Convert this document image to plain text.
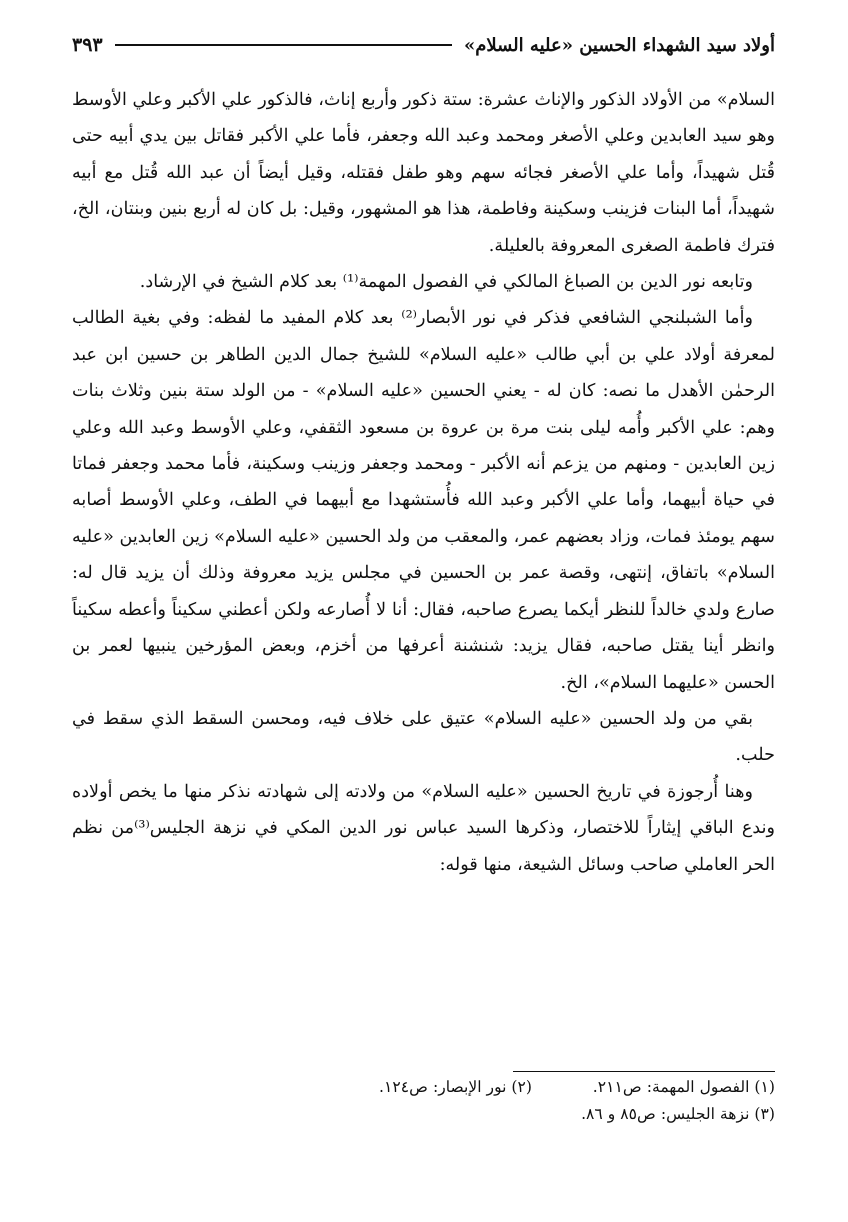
أولاد سيد الشهداء الحسين «عليه السلام»
٣٩٣

السلام» من الأولاد الذكور والإناث عشرة: ستة ذكور وأربع إناث، فالذكور علي الأكبر وعلي الأوسط وهو سيد العابدين وعلي الأصغر ومحمد وعبد الله وجعفر، فأما علي الأكبر فقاتل بين يدي أبيه حتى قُتل شهيداً، وأما علي الأصغر فجائه سهم وهو طفل فقتله، وقيل أيضاً أن عبد الله قُتل مع أبيه شهيداً، أما البنات فزينب وسكينة وفاطمة، هذا هو المشهور، وقيل: بل كان له أربع بنين وبنتان، الخ، فترك فاطمة الصغرى المعروفة بالعليلة.

وتابعه نور الدين بن الصباغ المالكي في الفصول المهمة⁽¹⁾ بعد كلام الشيخ في الإرشاد.

وأما الشبلنجي الشافعي فذكر في نور الأبصار⁽²⁾ بعد كلام المفيد ما لفظه: وفي بغية الطالب لمعرفة أولاد علي بن أبي طالب «عليه السلام» للشيخ جمال الدين الطاهر بن حسين ابن عبد الرحمٰن الأهدل ما نصه: كان له - يعني الحسين «عليه السلام» - من الولد ستة بنين وثلاث بنات وهم: علي الأكبر وأُمه ليلى بنت مرة بن عروة بن مسعود الثقفي، وعلي الأوسط وعبد الله وعلي زين العابدين - ومنهم من يزعم أنه الأكبر - ومحمد وجعفر وزينب وسكينة، فأما محمد وجعفر فماتا في حياة أبيهما، وأما علي الأكبر وعبد الله فأُستشهدا مع أبيهما في الطف، وعلي الأوسط أصابه سهم يومئذ فمات، وزاد بعضهم عمر، والمعقب من ولد الحسين «عليه السلام» زين العابدين «عليه السلام» باتفاق، إنتهى، وقصة عمر بن الحسين في مجلس يزيد معروفة وذلك أن يزيد قال له: صارع ولدي خالداً للنظر أيكما يصرع صاحبه، فقال: أنا لا أُصارعه ولكن أعطني سكيناً وأعطه سكيناً وانظر أينا يقتل صاحبه، فقال يزيد: شنشنة أعرفها من أخزم، وبعض المؤرخين ينبيها لعمر بن الحسن «عليهما السلام»، الخ.

بقي من ولد الحسين «عليه السلام» عتيق على خلاف فيه، ومحسن السقط الذي سقط في حلب.

وهنا أُرجوزة في تاريخ الحسين «عليه السلام» من ولادته إلى شهادته نذكر منها ما يخص أولاده وندع الباقي إيثاراً للاختصار، وذكرها السيد عباس نور الدين المكي في نزهة الجليس⁽³⁾من نظم الحر العاملي صاحب وسائل الشيعة، منها قوله:

(١) الفصول المهمة: ص٢١١.
(٢) نور الإبصار: ص١٢٤.
(٣) نزهة الجليس: ص٨٥ و ٨٦.
